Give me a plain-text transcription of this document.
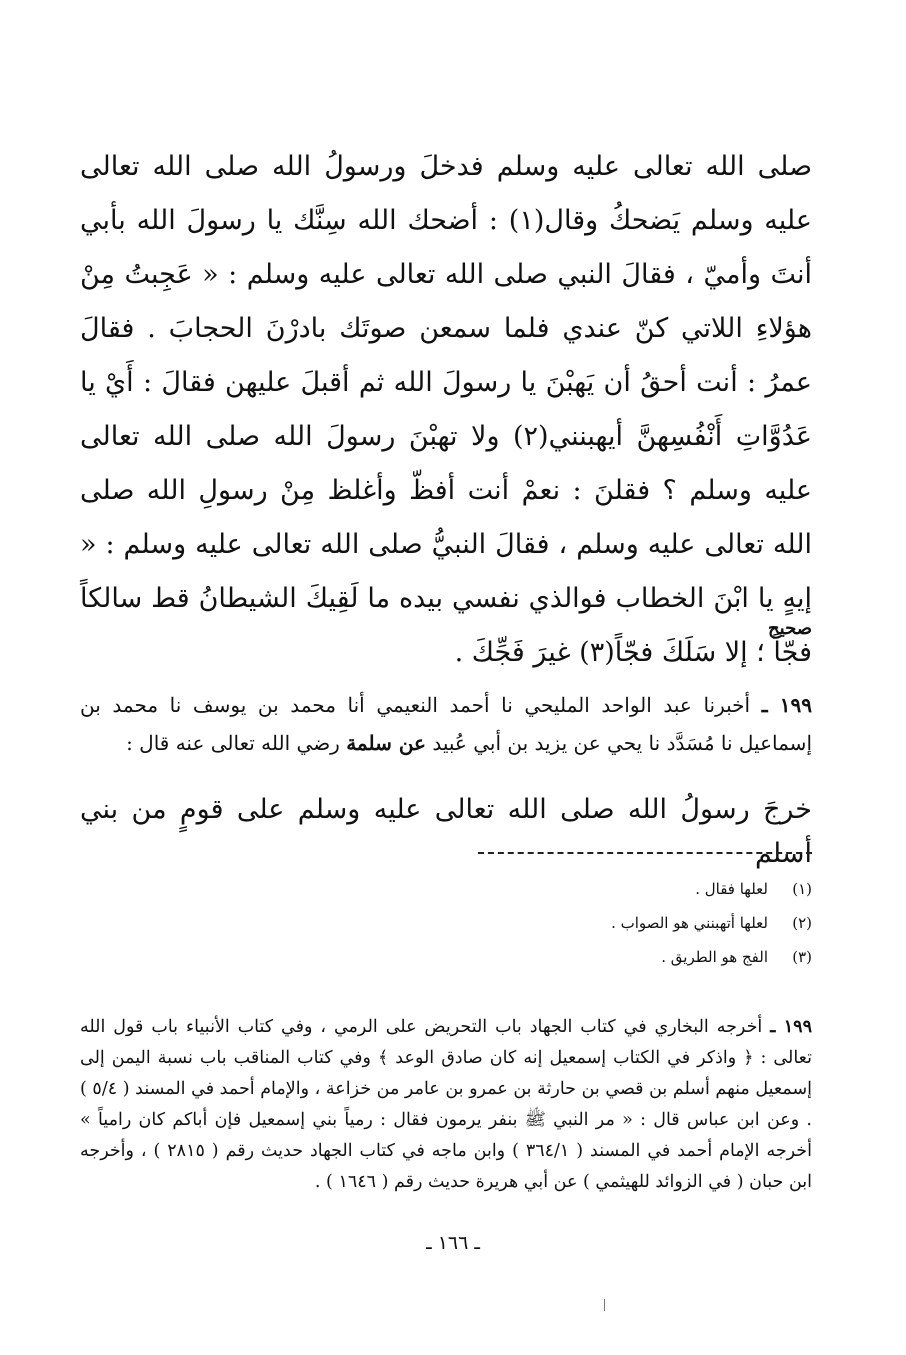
صلى الله تعالى عليه وسلم فدخلَ ورسولُ الله صلى الله تعالى عليه وسلم يَضحكُ وقال(١) : أضحك الله سِنَّك يا رسولَ الله بأبي أنتَ وأميّ ، فقالَ النبي صلى الله تعالى عليه وسلم : « عَجِبتُ مِنْ هؤلاءِ اللاتي كنّ عندي فلما سمعن صوتَك بادرْنَ الحجابَ . فقالَ عمرُ : أنت أحقُ أن يَهبْنَ يا رسولَ الله ثم أقبلَ عليهن فقالَ : أَيْ يا عَدُوَّاتِ أَنْفُسِهنَّ أيهبنني(٢) ولا تهبْنَ رسولَ الله صلى الله تعالى عليه وسلم ؟ فقلنَ : نعمْ أنت أفظّ وأغلظ مِنْ رسولِ الله صلى الله تعالى عليه وسلم ، فقالَ النبيُّ صلى الله تعالى عليه وسلم : « إيهٍ يا ابْنَ الخطاب فوالذي نفسي بيده ما لَقِيكَ الشيطانُ قط سالكاً فجّاً ؛ إلا سَلَكَ فجّاً(٣) غيرَ فَجِّكَ .

صحيح

١٩٩ ـ أخبرنا عبد الواحد المليحي نا أحمد النعيمي أنا محمد بن يوسف نا محمد بن إسماعيل نا مُسَدَّد نا يحي عن يزيد بن أبي عُبيد عن سلمة رضي الله تعالى عنه قال :

خرجَ رسولُ الله صلى الله تعالى عليه وسلم على قومٍ من بني أسلم

(١)
لعلها فقال .
(٢)
لعلها أتهبنني هو الصواب .
(٣)
الفج هو الطريق .

١٩٩ ـ أخرجه البخاري في كتاب الجهاد باب التحريض على الرمي ، وفي كتاب الأنبياء باب قول الله تعالى : ﴿ واذكر في الكتاب إسمعيل إنه كان صادق الوعد ﴾ وفي كتاب المناقب باب نسبة اليمن إلى إسمعيل منهم أسلم بن قصي بن حارثة بن عمرو بن عامر من خزاعة ، والإمام أحمد في المسند ( ٥/٤ ) . وعن ابن عباس قال : « مر النبي ﷺ بنفر يرمون فقال : رمياً بني إسمعيل فإن أباكم كان رامياً » أخرجه الإمام أحمد في المسند ( ٣٦٤/١ ) وابن ماجه في كتاب الجهاد حديث رقم ( ٢٨١٥ ) ، وأخرجه ابن حبان ( في الزوائد للهيثمي ) عن أبي هريرة حديث رقم ( ١٦٤٦ ) .

ـ ١٦٦ ـ
